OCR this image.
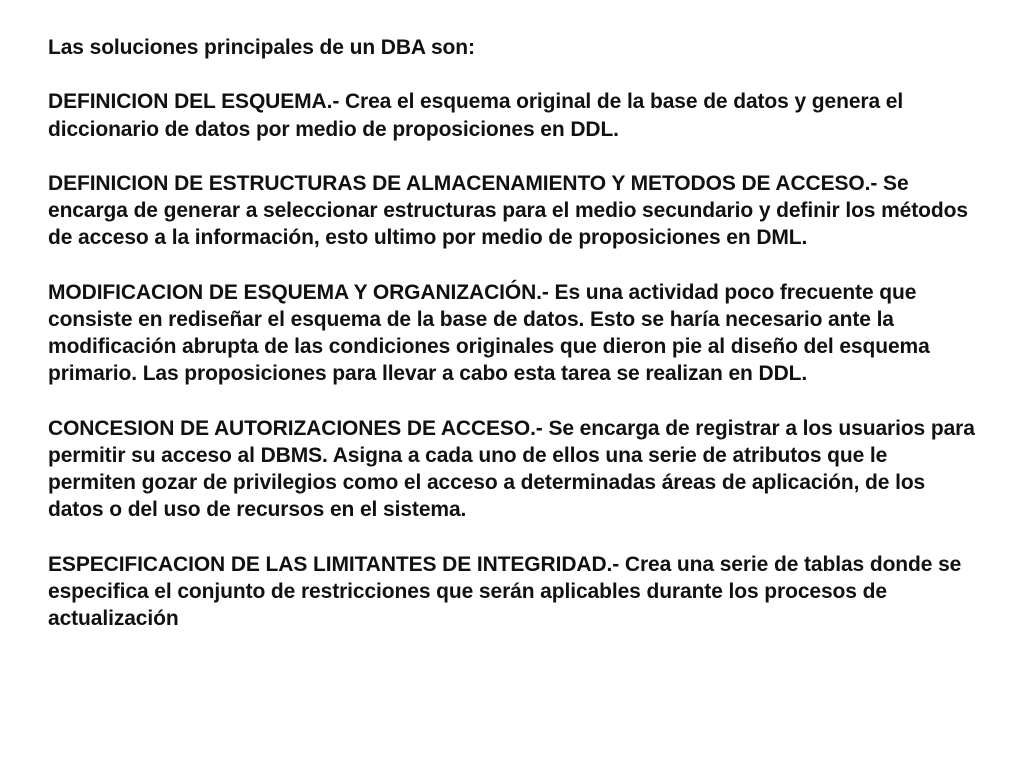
Las soluciones principales de un DBA son:

DEFINICION DEL ESQUEMA.- Crea el esquema original de la base de datos y genera el diccionario de datos por medio de proposiciones en DDL.

DEFINICION DE ESTRUCTURAS DE ALMACENAMIENTO Y METODOS DE ACCESO.- Se encarga de generar a seleccionar estructuras para el medio secundario y definir los métodos de acceso a la información, esto ultimo por medio de proposiciones en DML.

MODIFICACION DE ESQUEMA Y ORGANIZACIÓN.- Es una actividad poco frecuente que consiste en rediseñar el esquema de la base de datos. Esto se haría necesario ante la modificación abrupta de las condiciones originales que dieron pie al diseño del esquema primario. Las proposiciones para llevar a cabo esta tarea se realizan en DDL.

CONCESION DE AUTORIZACIONES DE ACCESO.- Se encarga de registrar a los usuarios para permitir su acceso al DBMS. Asigna a cada uno de ellos una serie de atributos que le permiten gozar de privilegios como el acceso a determinadas áreas de aplicación, de los datos o del uso de recursos en el sistema.

ESPECIFICACION DE LAS LIMITANTES DE INTEGRIDAD.- Crea una serie de tablas donde se especifica el conjunto de restricciones que serán aplicables durante los procesos de actualización
